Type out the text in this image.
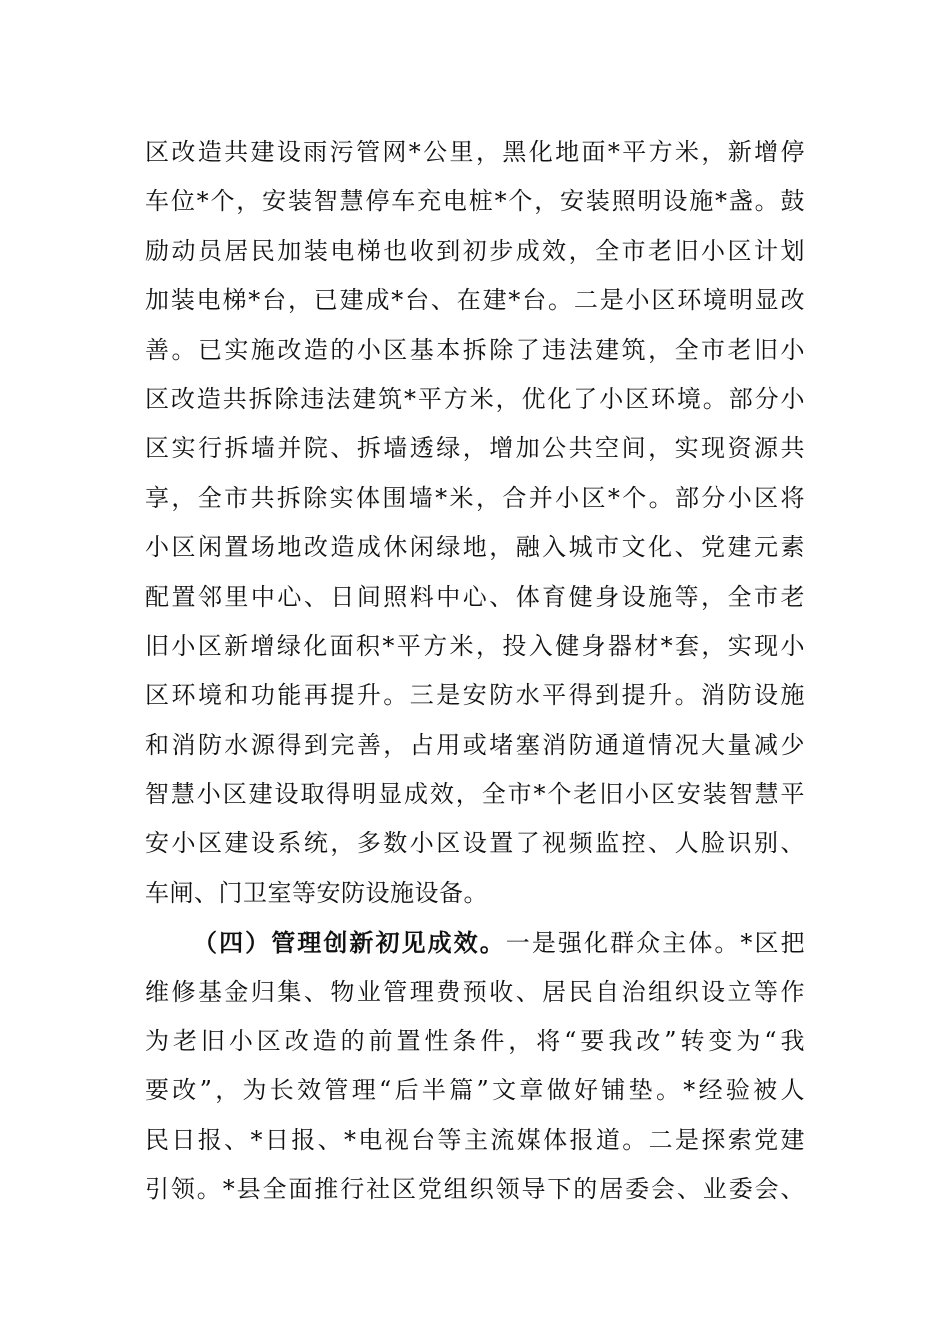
区改造共建设雨污管网*公里，黑化地面*平方米，新增停
车位*个，安装智慧停车充电桩*个，安装照明设施*盏。鼓
励动员居民加装电梯也收到初步成效，全市老旧小区计划
加装电梯*台，已建成*台、在建*台。二是小区环境明显改
善。已实施改造的小区基本拆除了违法建筑，全市老旧小
区改造共拆除违法建筑*平方米，优化了小区环境。部分小
区实行拆墙并院、拆墙透绿，增加公共空间，实现资源共
享，全市共拆除实体围墙*米，合并小区*个。部分小区将
小区闲置场地改造成休闲绿地，融入城市文化、党建元素
配置邻里中心、日间照料中心、体育健身设施等，全市老
旧小区新增绿化面积*平方米，投入健身器材*套，实现小
区环境和功能再提升。三是安防水平得到提升。消防设施
和消防水源得到完善，占用或堵塞消防通道情况大量减少
智慧小区建设取得明显成效，全市*个老旧小区安装智慧平
安小区建设系统，多数小区设置了视频监控、人脸识别、
车闸、门卫室等安防设施设备。
（四）管理创新初见成效。一是强化群众主体。*区把
维修基金归集、物业管理费预收、居民自治组织设立等作
为老旧小区改造的前置性条件，将“要我改”转变为“我
要改”，为长效管理“后半篇”文章做好铺垫。*经验被人
民日报、*日报、*电视台等主流媒体报道。二是探索党建
引领。*县全面推行社区党组织领导下的居委会、业委会、
